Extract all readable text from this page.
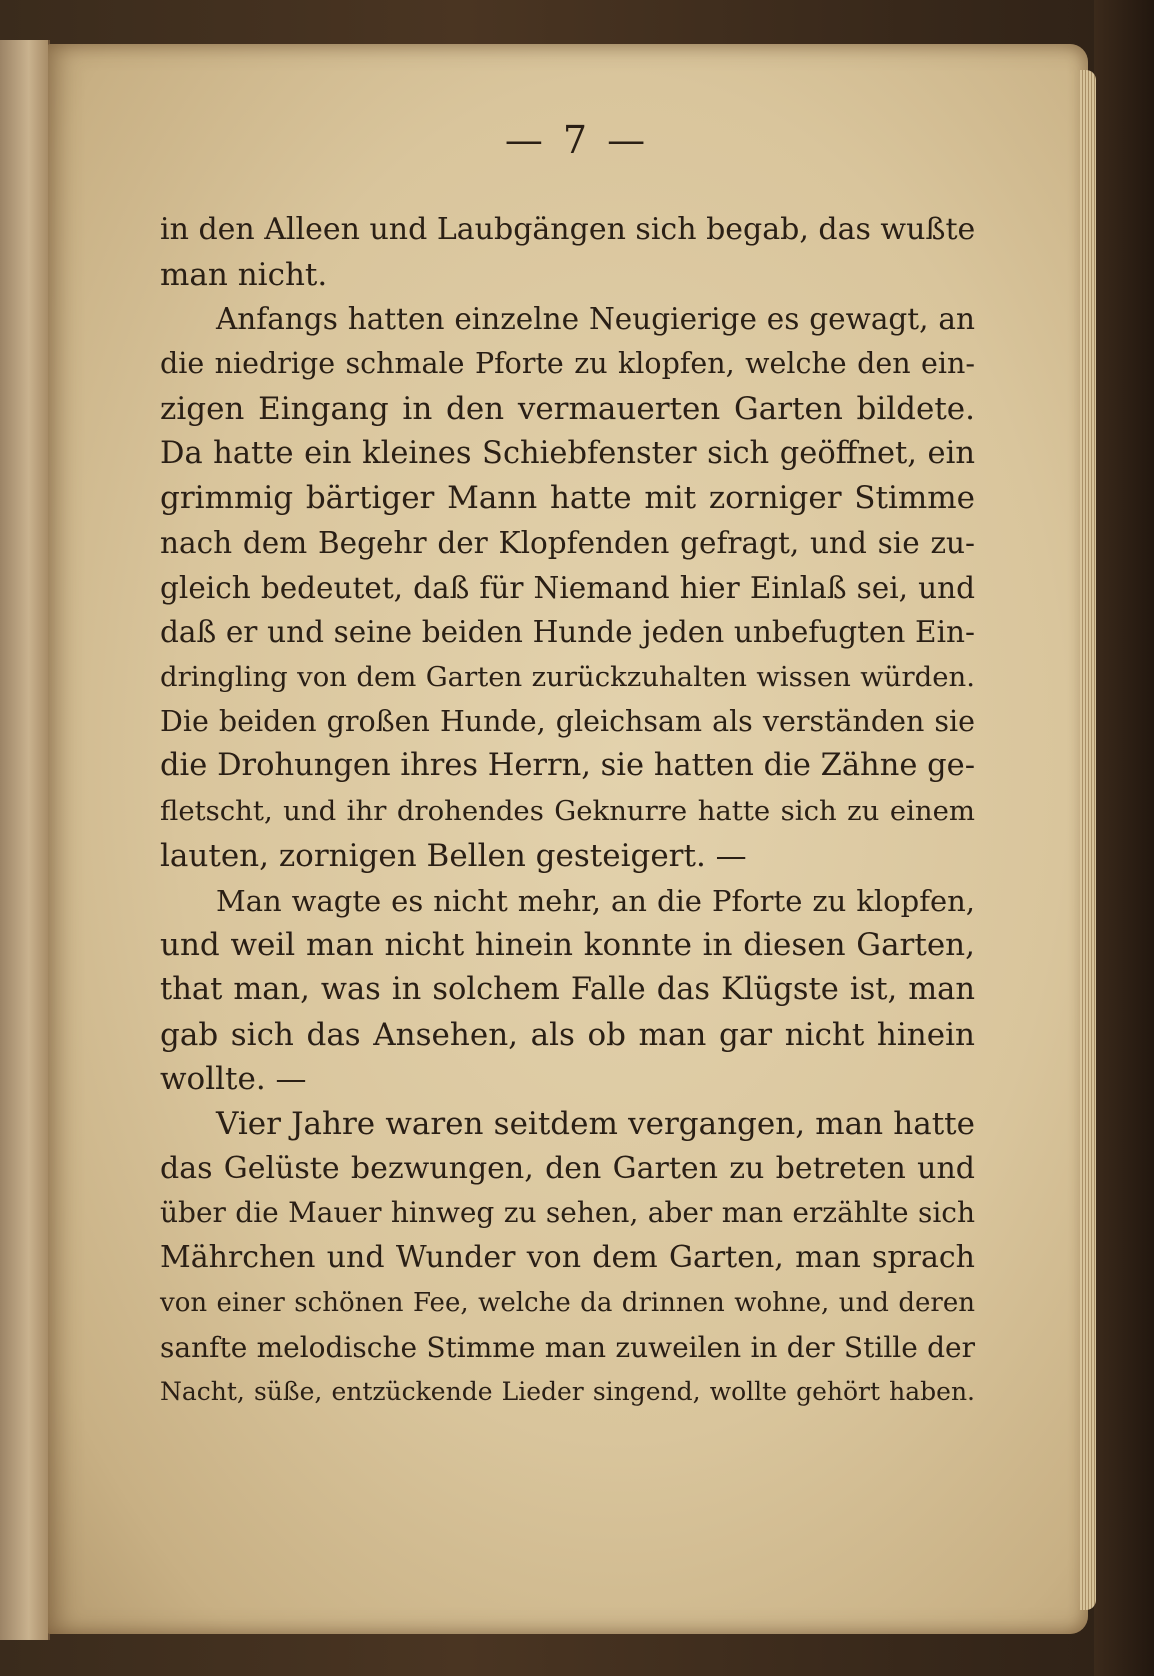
— 7 —
in den Alleen und Laubgängen sich begab, das wußte
man nicht.
Anfangs hatten einzelne Neugierige es gewagt, an
die niedrige schmale Pforte zu klopfen, welche den ein-
zigen Eingang in den vermauerten Garten bildete.
Da hatte ein kleines Schiebfenster sich geöffnet, ein
grimmig bärtiger Mann hatte mit zorniger Stimme
nach dem Begehr der Klopfenden gefragt, und sie zu-
gleich bedeutet, daß für Niemand hier Einlaß sei, und
daß er und seine beiden Hunde jeden unbefugten Ein-
dringling von dem Garten zurückzuhalten wissen würden.
Die beiden großen Hunde, gleichsam als verständen sie
die Drohungen ihres Herrn, sie hatten die Zähne ge-
fletscht, und ihr drohendes Geknurre hatte sich zu einem
lauten, zornigen Bellen gesteigert. —
Man wagte es nicht mehr, an die Pforte zu klopfen,
und weil man nicht hinein konnte in diesen Garten,
that man, was in solchem Falle das Klügste ist, man
gab sich das Ansehen, als ob man gar nicht hinein
wollte. —
Vier Jahre waren seitdem vergangen, man hatte
das Gelüste bezwungen, den Garten zu betreten und
über die Mauer hinweg zu sehen, aber man erzählte sich
Mährchen und Wunder von dem Garten, man sprach
von einer schönen Fee, welche da drinnen wohne, und deren
sanfte melodische Stimme man zuweilen in der Stille der
Nacht, süße, entzückende Lieder singend, wollte gehört haben.
